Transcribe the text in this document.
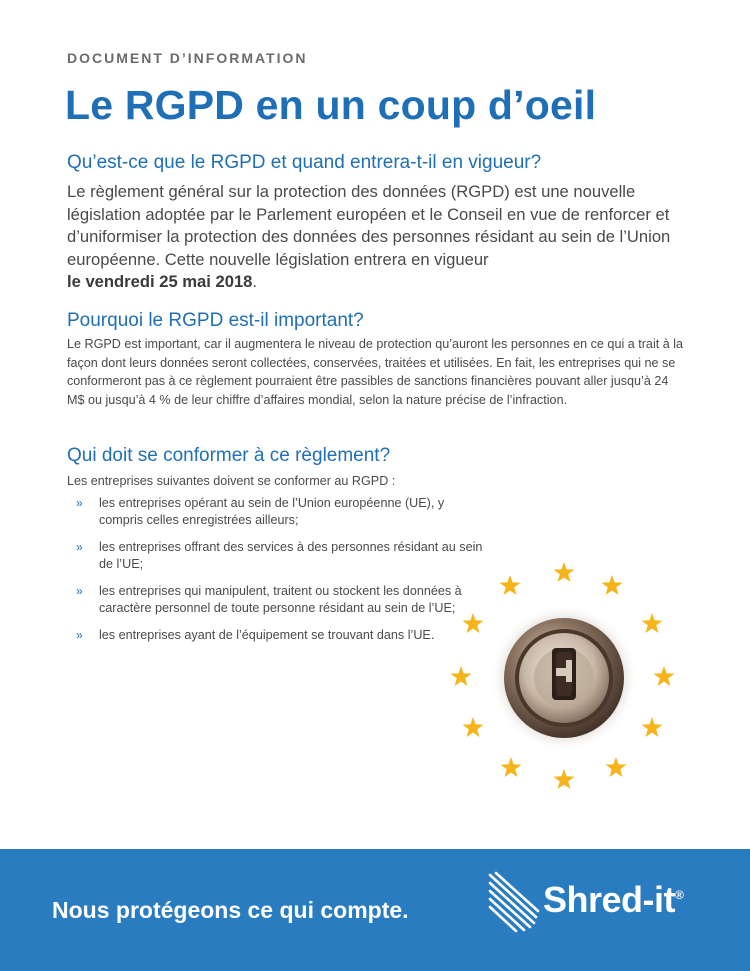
DOCUMENT D’INFORMATION
Le RGPD en un coup d’oeil
Qu’est-ce que le RGPD et quand entrera-t-il en vigueur?

Le règlement général sur la protection des données (RGPD) est une nouvelle législation adoptée par le Parlement européen et le Conseil en vue de renforcer et d’uniformiser la protection des données des personnes résidant au sein de l’Union européenne. Cette nouvelle législation entrera en vigueur
le vendredi 25 mai 2018.

Pourquoi le RGPD est-il important?

Le RGPD est important, car il augmentera le niveau de protection qu’auront les personnes en ce qui a trait à la façon dont leurs données seront collectées, conservées, traitées et utilisées. En fait, les entreprises qui ne se conformeront pas à ce règlement pourraient être passibles de sanctions financières pouvant aller jusqu’à 24 M$ ou jusqu’à 4 % de leur chiffre d’affaires mondial, selon la nature précise de l’infraction.

Qui doit se conformer à ce règlement?

Les entreprises suivantes doivent se conformer au RGPD :

» les entreprises opérant au sein de l’Union européenne (UE), y compris celles enregistrées ailleurs;
» les entreprises offrant des services à des personnes résidant au sein de l’UE;
» les entreprises qui manipulent, traitent ou stockent les données à caractère personnel de toute personne résidant au sein de l’UE;
» les entreprises ayant de l’équipement se trouvant dans l’UE.
Nous protégeons ce qui compte.	Shred-it®
